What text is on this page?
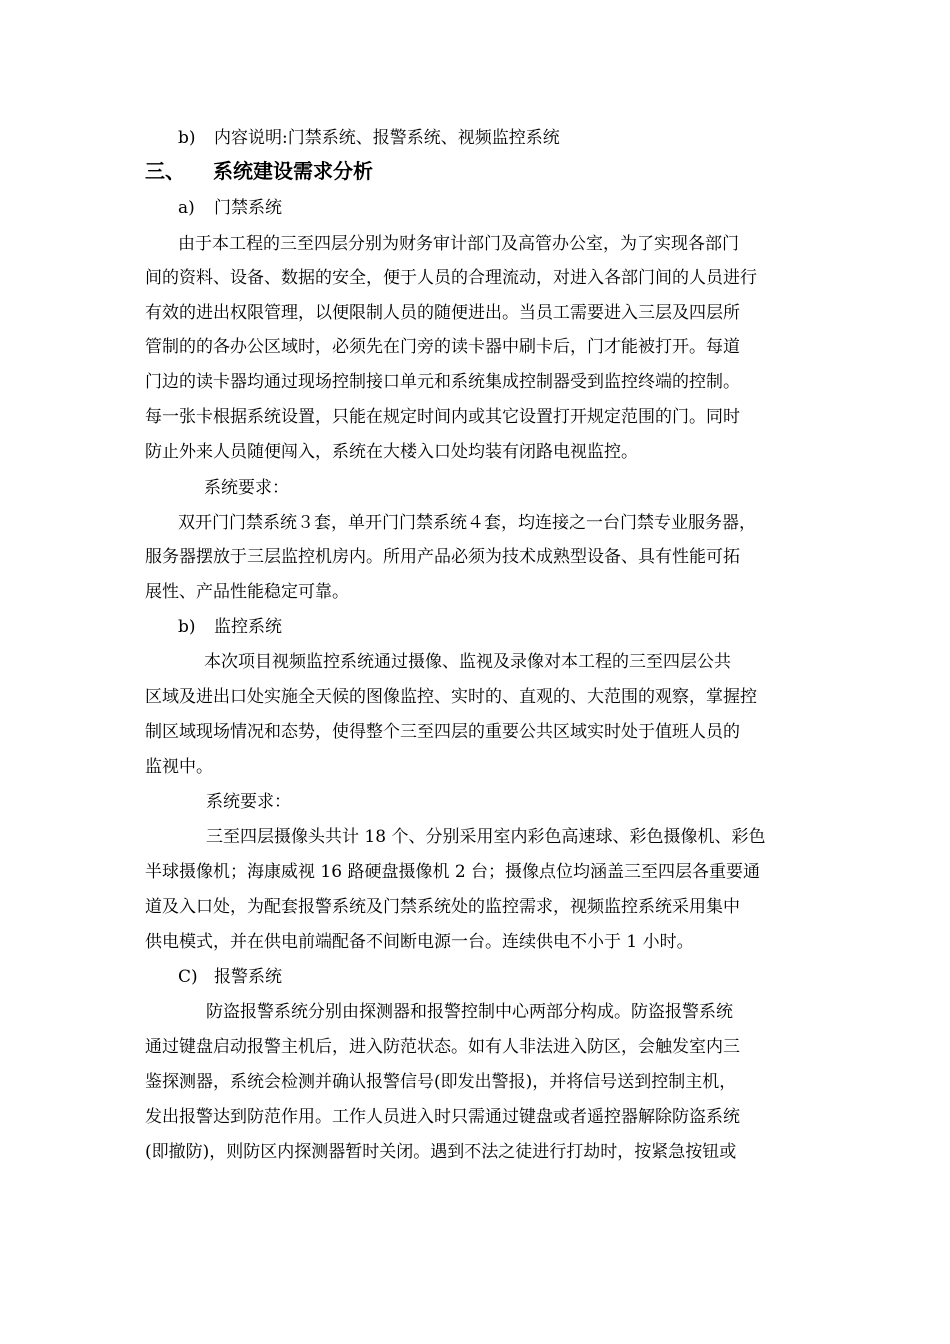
b) 内容说明:门禁系统、报警系统、视频监控系统
三、 系统建设需求分析
a) 门禁系统
由于本工程的三至四层分别为财务审计部门及高管办公室，为了实现各部门
间的资料、设备、数据的安全，便于人员的合理流动，对进入各部门间的人员进行
有效的进出权限管理，以便限制人员的随便进出。当员工需要进入三层及四层所
管制的的各办公区域时，必须先在门旁的读卡器中刷卡后，门才能被打开。每道
门边的读卡器均通过现场控制接口单元和系统集成控制器受到监控终端的控制。
每一张卡根据系统设置，只能在规定时间内或其它设置打开规定范围的门。同时
防止外来人员随便闯入，系统在大楼入口处均装有闭路电视监控。
系统要求：
双开门门禁系统３套，单开门门禁系统４套，均连接之一台门禁专业服务器，
服务器摆放于三层监控机房内。所用产品必须为技术成熟型设备、具有性能可拓
展性、产品性能稳定可靠。
b) 监控系统
本次项目视频监控系统通过摄像、监视及录像对本工程的三至四层公共
区域及进出口处实施全天候的图像监控、实时的、直观的、大范围的观察，掌握控
制区域现场情况和态势，使得整个三至四层的重要公共区域实时处于值班人员的
监视中。
系统要求：
三至四层摄像头共计 18 个、分别采用室内彩色高速球、彩色摄像机、彩色
半球摄像机；海康威视 16 路硬盘摄像机 2 台；摄像点位均涵盖三至四层各重要通
道及入口处，为配套报警系统及门禁系统处的监控需求，视频监控系统采用集中
供电模式，并在供电前端配备不间断电源一台。连续供电不小于 1 小时。
C) 报警系统
防盗报警系统分别由探测器和报警控制中心两部分构成。防盗报警系统
通过键盘启动报警主机后，进入防范状态。如有人非法进入防区，会触发室内三
鉴探测器，系统会检测并确认报警信号(即发出警报)，并将信号送到控制主机，
发出报警达到防范作用。工作人员进入时只需通过键盘或者遥控器解除防盗系统
(即撤防)，则防区内探测器暂时关闭。遇到不法之徒进行打劫时，按紧急按钮或
